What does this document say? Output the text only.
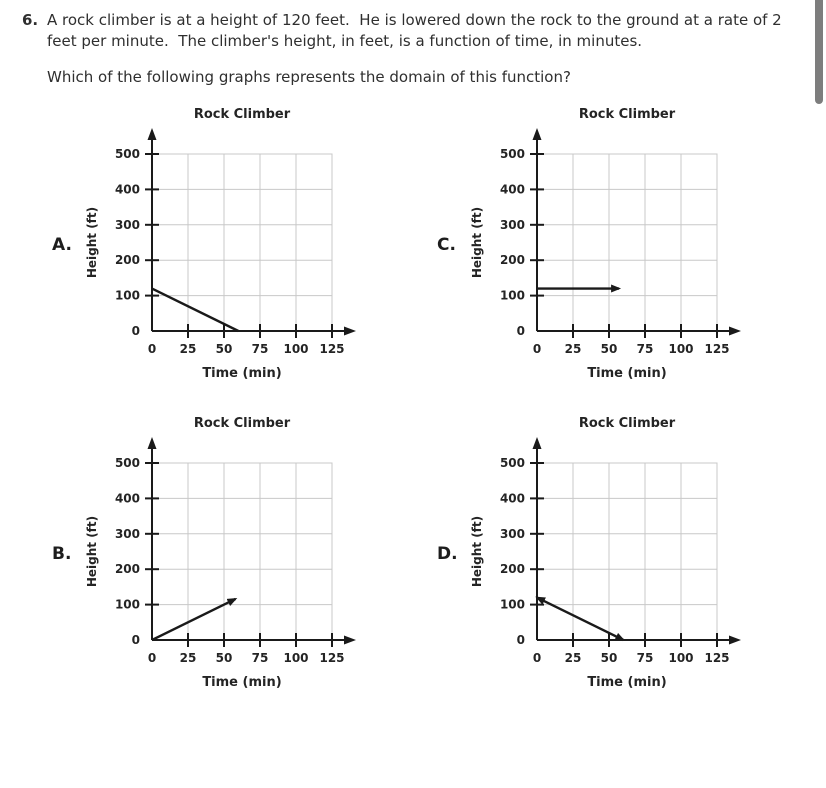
6. A rock climber is at a height of 120 feet.  He is lowered down the rock to the ground at a rate of 2 feet per minute.  The climber's height, in feet, is a function of time, in minutes.

Which of the following graphs represents the domain of this function?

A.
0
100
200
300
400
500
0 25 50 75 100 125
Rock Climber
Time (min)
Height (ft)	C.
0
100
200
300
400
500
0 25 50 75 100 125
Rock Climber
Time (min)
Height (ft)
B.
0
100
200
300
400
500
0 25 50 75 100 125
Rock Climber
Time (min)
Height (ft)	D.
0
100
200
300
400
500
0 25 50 75 100 125
Rock Climber
Time (min)
Height (ft)
